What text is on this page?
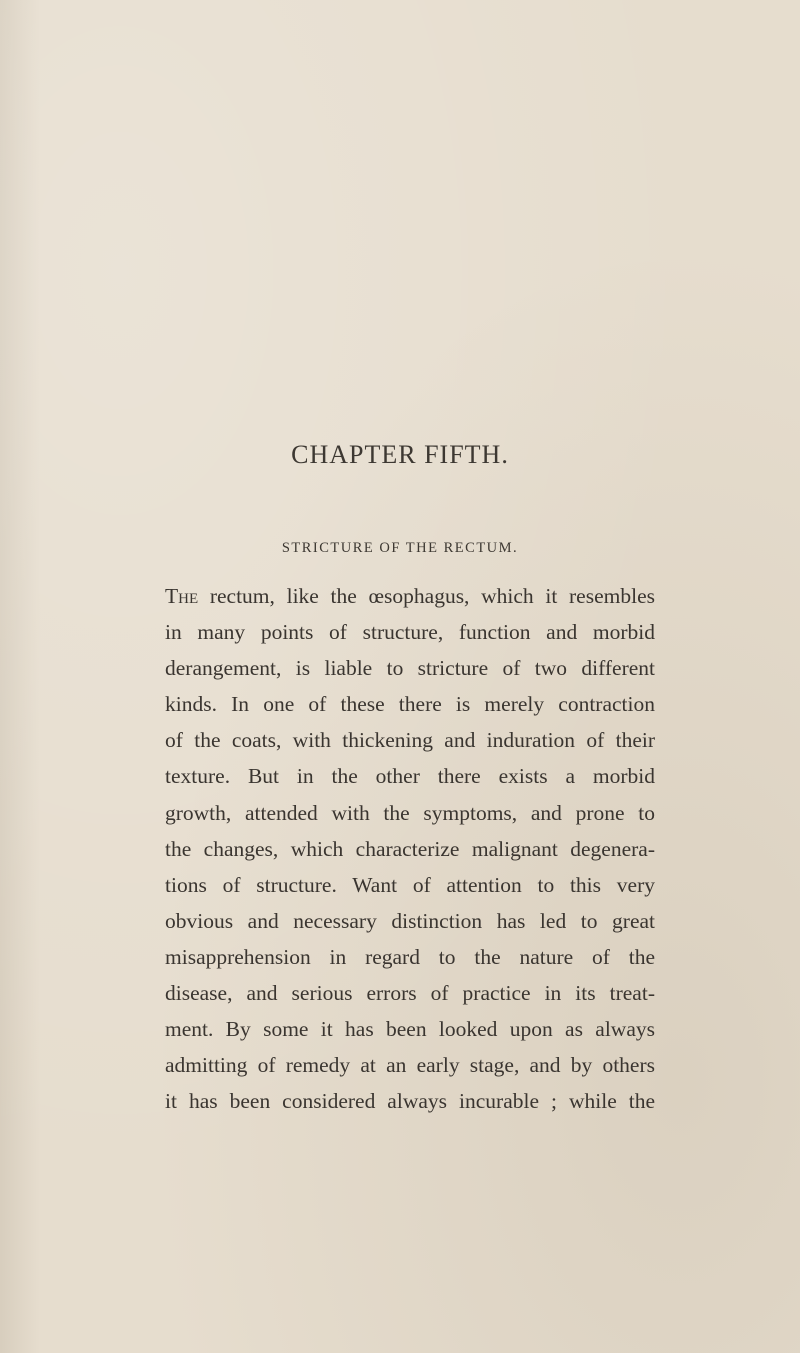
CHAPTER FIFTH.
STRICTURE OF THE RECTUM.
The rectum, like the œsophagus, which it resembles
in many points of structure, function and morbid
derangement, is liable to stricture of two different
kinds. In one of these there is merely contraction
of the coats, with thickening and induration of their
texture. But in the other there exists a morbid
growth, attended with the symptoms, and prone to
the changes, which characterize malignant degenera-
tions of structure. Want of attention to this very
obvious and necessary distinction has led to great
misapprehension in regard to the nature of the
disease, and serious errors of practice in its treat-
ment. By some it has been looked upon as always
admitting of remedy at an early stage, and by others
it has been considered always incurable ; while the
